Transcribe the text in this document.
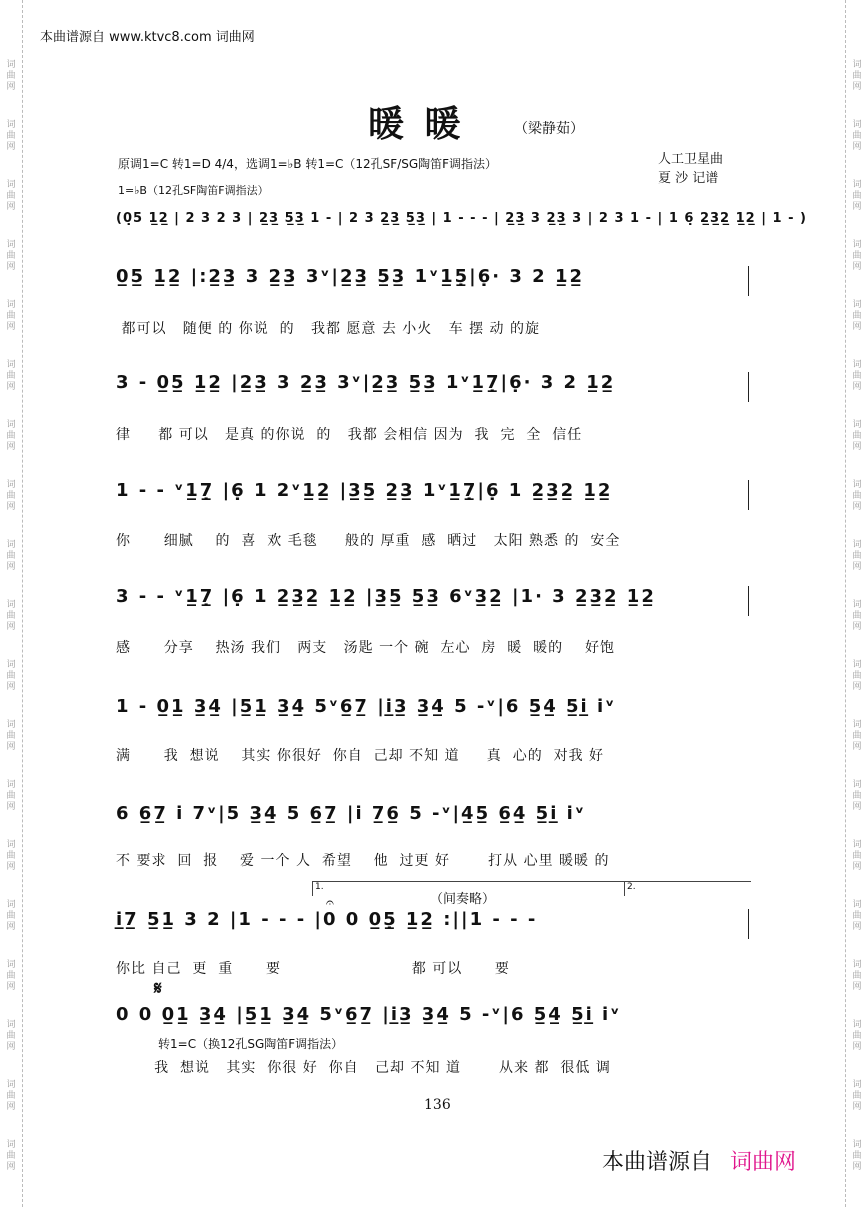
词
曲
网
词
曲
网
词
曲
网
词
曲
网
词
曲
网
词
曲
网
词
曲
网
词
曲
网
词
曲
网
词
曲
网
词
曲
网
词
曲
网
词
曲
网
词
曲
网
词
曲
网
词
曲
网
词
曲
网
词
曲
网
词
曲
网
词
曲
网
词
曲
网
词
曲
网
词
曲
网
词
曲
网
词
曲
网
词
曲
网
词
曲
网
词
曲
网
词
曲
网
词
曲
网
词
曲
网
词
曲
网
词
曲
网
词
曲
网
词
曲
网
词
曲
网
词
曲
网
词
曲
网
本曲谱源自 www.ktvc8.com 词曲网
暖 暖	（梁静茹）
原调1=C 转1=D 4/4，选调1=♭B 转1=C（12孔SF/SG陶笛F调指法）
1=♭B（12孔SF陶笛F调指法）
人工卫星曲
夏 沙 记谱
(0̣5 1̲2̲ | 2 3 2 3 | 2̲3̲ 5̲3̲ 1 - | 2 3 2̲3̲ 5̲3̲ | 1 - - - | 2̲3̲ 3 2̲3̲ 3 | 2 3 1 - | 1 6̣ 2̲3̲2̲ 1̲2̲ | 1 - )
0̲5̲ 1̲2̲ |:2̲3̲ 3 2̲3̲ 3ᵛ|2̲3̲ 5̲3̲ 1ᵛ1̲5̣̲|6̣· 3 2 1̲2̲
都可以   随便 的 你说  的   我都 愿意 去 小火   车 摆 动 的旋
3 - 0̲5̲ 1̲2̲ |2̲3̲ 3 2̲3̲ 3ᵛ|2̲3̲ 5̲3̲ 1ᵛ1̲7̣̲|6̣· 3 2 1̲2̲
律     都 可以   是真 的你说  的   我都 会相信 因为  我  完  全  信任
1 - - ᵛ1̲7̣̲ |6̣ 1 2ᵛ1̲2̲ |3̲5̲ 2̲3̲ 1ᵛ1̲7̣̲|6̣ 1 2̲3̲2̲ 1̲2̲
你      细腻    的  喜  欢 毛毯     般的 厚重  感  晒过   太阳 熟悉 的  安全
3 - - ᵛ1̲7̣̲ |6̣ 1 2̲3̲2̲ 1̲2̲ |3̲5̲ 5̲3̲ 6ᵛ3̲2̲ |1· 3 2̲3̲2̲ 1̲2̲
感      分享    热汤 我们   两支   汤匙 一个 碗  左心  房  暖  暖的    好饱
1 - 0̲1̲ 3̲4̲ |5̲1̲ 3̲4̲ 5ᵛ6̲7̲ |i̲3̲ 3̲4̲ 5 -ᵛ|6 5̲4̲ 5̲i̲ iᵛ
满      我  想说    其实 你很好  你自  己却 不知 道     真  心的  对我 好
6 6̲7̲ i 7ᵛ|5 3̲4̲ 5 6̲7̲ |i 7̲6̲ 5 -ᵛ|4̲5̲ 6̲4̲ 5̲i̲ iᵛ
不 要求  回  报    爱 一个 人  希望    他  过更 好       打从 心里 暖暖 的
1.	2.
（间奏略）
𝄐
i̲7̲ 5̲1̲ 3 2 |1 - - - |0 0 0̲5̣̲ 1̲2̲ :||1 - - -
你比 自己  更  重      要                        都 可以      要
𝄋
0 0 0̲1̲ 3̲4̲ |5̲1̲ 3̲4̲ 5ᵛ6̲7̲ |i̲3̲ 3̲4̲ 5 -ᵛ|6 5̲4̲ 5̲i̲ iᵛ
转1=C（换12孔SG陶笛F调指法）
我  想说   其实  你很 好  你自   己却 不知 道       从来 都  很低 调
136
本曲谱源自 词曲网
